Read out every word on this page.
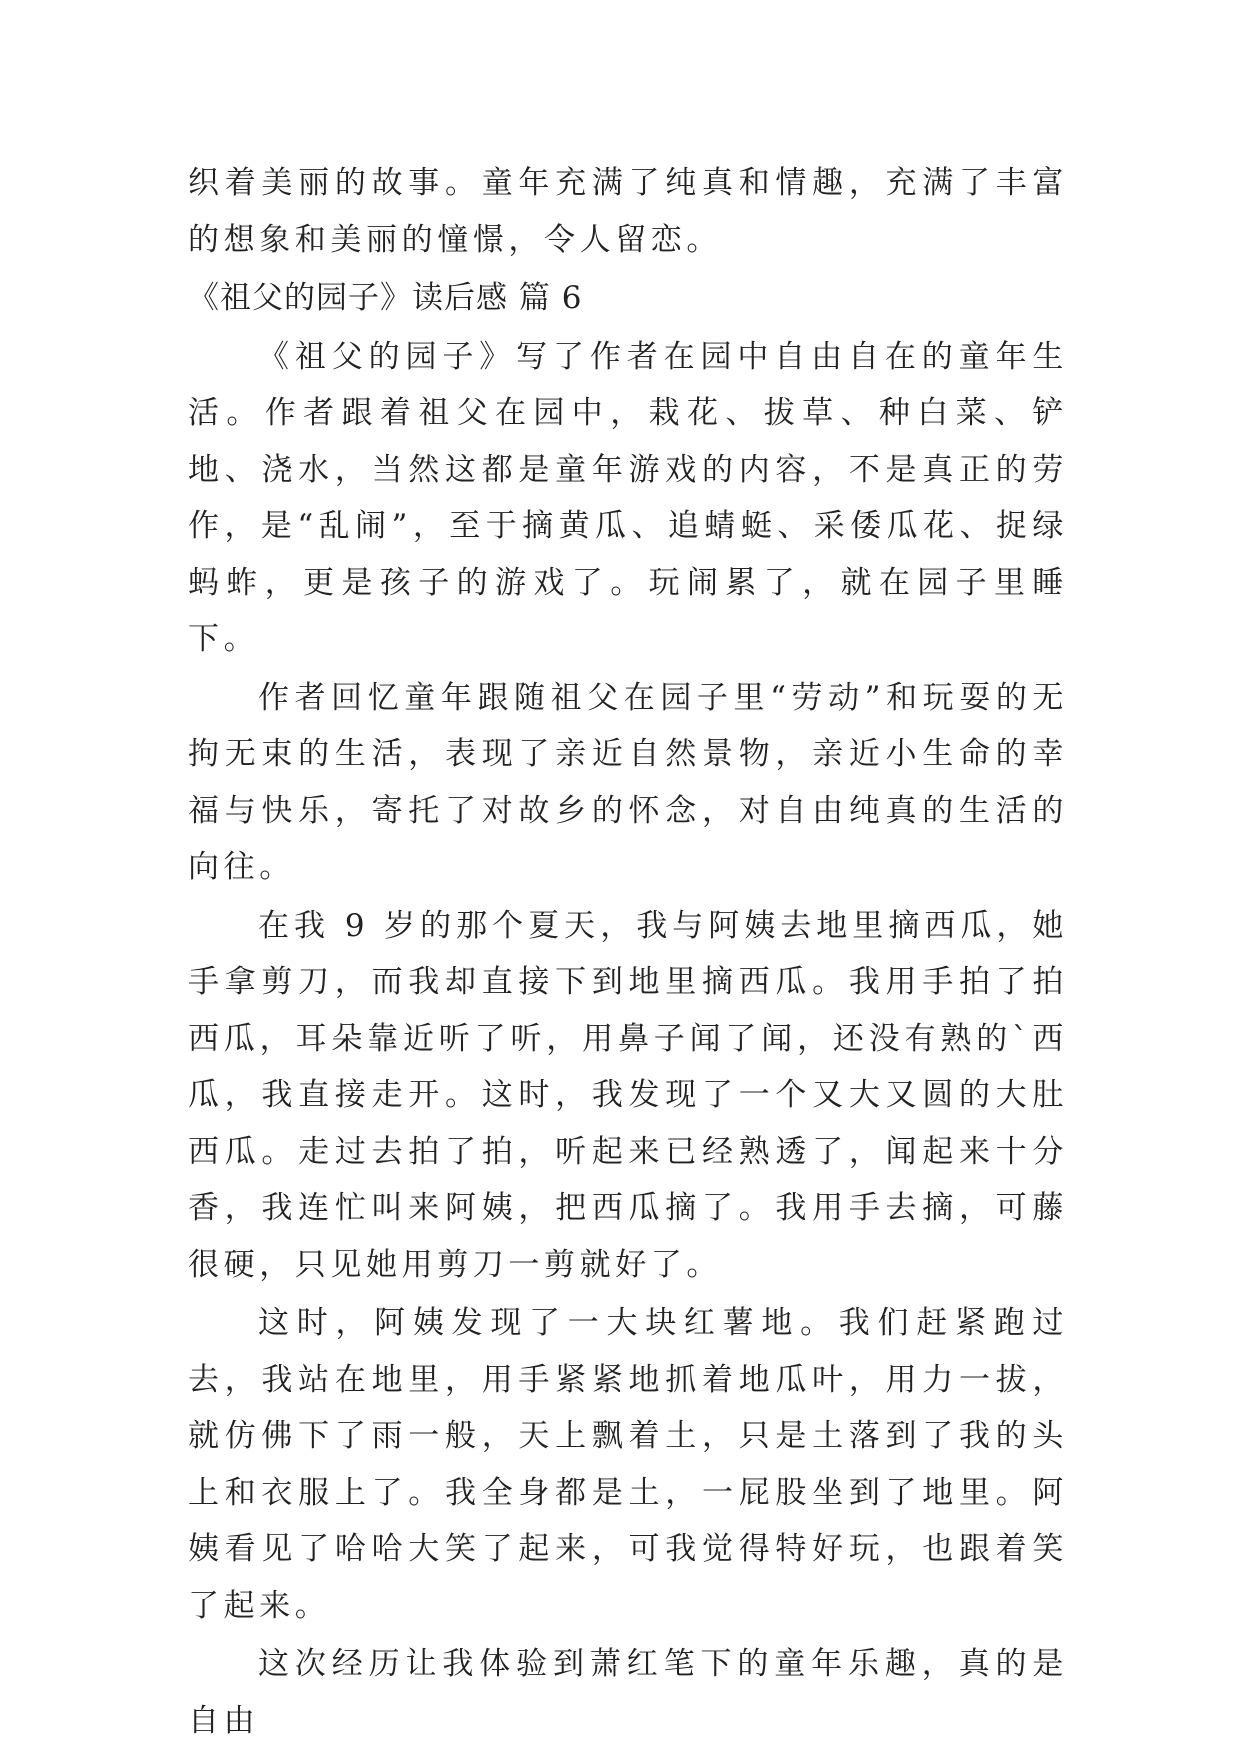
织着美丽的故事。童年充满了纯真和情趣，充满了丰富的想象和美丽的憧憬，令人留恋。

《祖父的园子》读后感 篇 6

《祖父的园子》写了作者在园中自由自在的童年生活。作者跟着祖父在园中，栽花、拔草、种白菜、铲地、浇水，当然这都是童年游戏的内容，不是真正的劳作，是“乱闹”，至于摘黄瓜、追蜻蜓、采倭瓜花、捉绿蚂蚱，更是孩子的游戏了。玩闹累了，就在园子里睡下。

作者回忆童年跟随祖父在园子里“劳动”和玩耍的无拘无束的生活，表现了亲近自然景物，亲近小生命的幸福与快乐，寄托了对故乡的怀念，对自由纯真的生活的向往。

在我 9 岁的那个夏天，我与阿姨去地里摘西瓜，她手拿剪刀，而我却直接下到地里摘西瓜。我用手拍了拍西瓜，耳朵靠近听了听，用鼻子闻了闻，还没有熟的`西瓜，我直接走开。这时，我发现了一个又大又圆的大肚西瓜。走过去拍了拍，听起来已经熟透了，闻起来十分香，我连忙叫来阿姨，把西瓜摘了。我用手去摘，可藤很硬，只见她用剪刀一剪就好了。

这时，阿姨发现了一大块红薯地。我们赶紧跑过去，我站在地里，用手紧紧地抓着地瓜叶，用力一拔，就仿佛下了雨一般，天上飘着土，只是土落到了我的头上和衣服上了。我全身都是土，一屁股坐到了地里。阿姨看见了哈哈大笑了起来，可我觉得特好玩，也跟着笑了起来。

这次经历让我体验到萧红笔下的童年乐趣，真的是自由
